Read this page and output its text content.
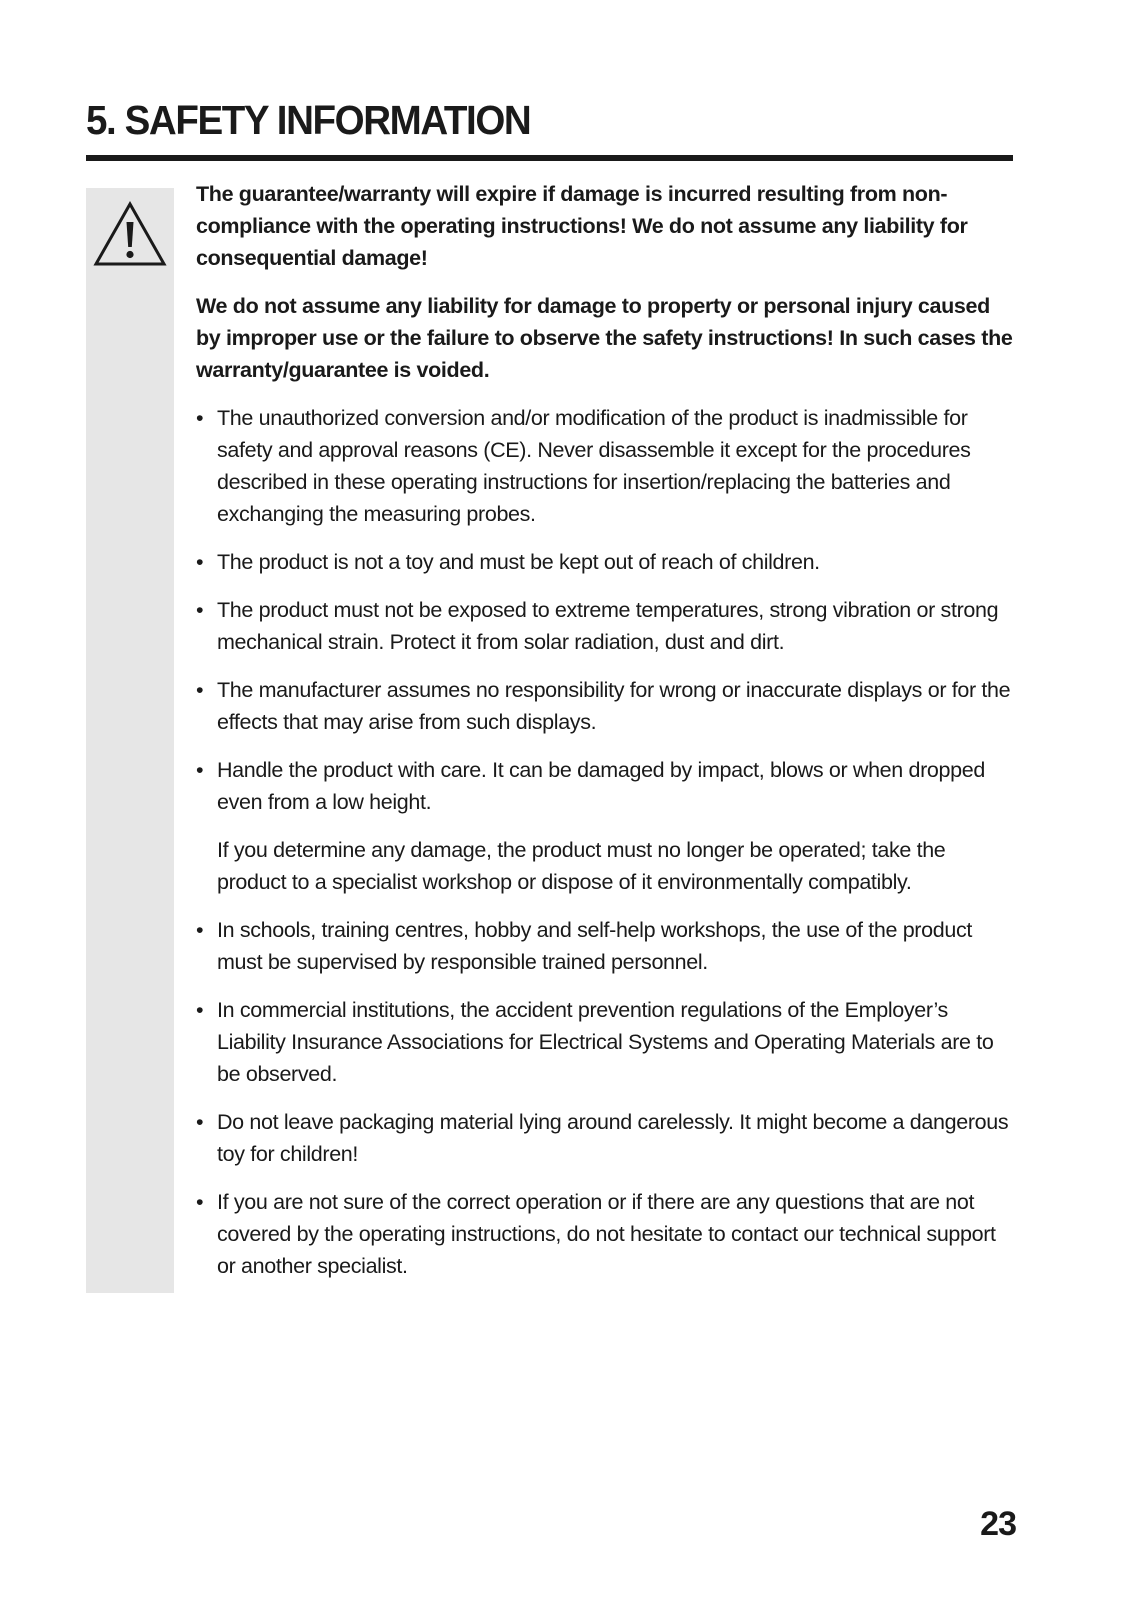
5. SAFETY INFORMATION

The guarantee/warranty will expire if damage is incurred resulting from non-compliance with the operating instructions! We do not assume any liability for consequential damage!

We do not assume any liability for damage to property or personal injury caused by improper use or the failure to observe the safety instructions! In such cases the warranty/guarantee is voided.

• The unauthorized conversion and/or modification of the product is inadmissible for safety and approval reasons (CE). Never disassemble it except for the procedures described in these operating instructions for insertion/replacing the batteries and exchanging the measuring probes.
• The product is not a toy and must be kept out of reach of children.
• The product must not be exposed to extreme temperatures, strong vibration or strong mechanical strain. Protect it from solar radiation, dust and dirt.
• The manufacturer assumes no responsibility for wrong or inaccurate displays or for the effects that may arise from such displays.
• Handle the product with care. It can be damaged by impact, blows or when dropped even from a low height.
If you determine any damage, the product must no longer be operated; take the product to a specialist workshop or dispose of it environmentally compatibly.
• In schools, training centres, hobby and self-help workshops, the use of the product must be supervised by responsible trained personnel.
• In commercial institutions, the accident prevention regulations of the Employer’s Liability Insurance Associations for Electrical Systems and Operating Materials are to be observed.
• Do not leave packaging material lying around carelessly. It might become a dangerous toy for children!
• If you are not sure of the correct operation or if there are any questions that are not covered by the operating instructions, do not hesitate to contact our technical support or another specialist.
23
